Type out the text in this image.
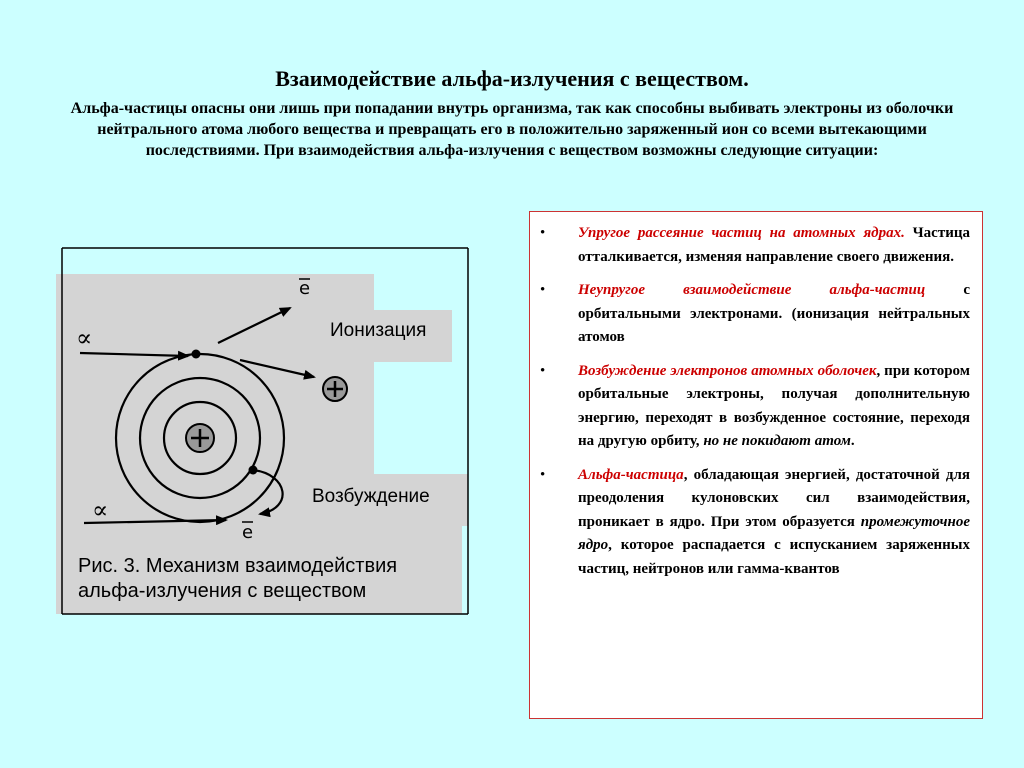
Взаимодействие альфа-излучения с веществом.
Альфа-частицы опасны они лишь при попадании внутрь организма, так как способны выбивать электроны из оболочки нейтрального атома любого вещества и превращать его в положительно заряженный ион со всеми вытекающими последствиями. При взаимодействия альфа-излучения с веществом возможны следующие ситуации:
∝
∝
e
e
Ионизация
Возбуждение
Рис. 3. Механизм взаимодействия
альфа-излучения с веществом
• Упругое рассеяние частиц на атомных ядрах. Частица отталкивается, изменяя направление своего движения.
• Неупругое взаимодействие альфа-частиц с орбитальными электронами. (ионизация нейтральных атомов
• Возбуждение электронов атомных оболочек, при котором орбитальные электроны, получая дополнительную энергию, переходят в возбужденное состояние, переходя на другую орбиту, но не покидают атом.
• Альфа-частица, обладающая энергией, достаточной для преодоления кулоновских сил взаимодействия, проникает в ядро. При этом образуется промежуточное ядро, которое распадается с испусканием заряженных частиц, нейтронов или гамма-квантов
